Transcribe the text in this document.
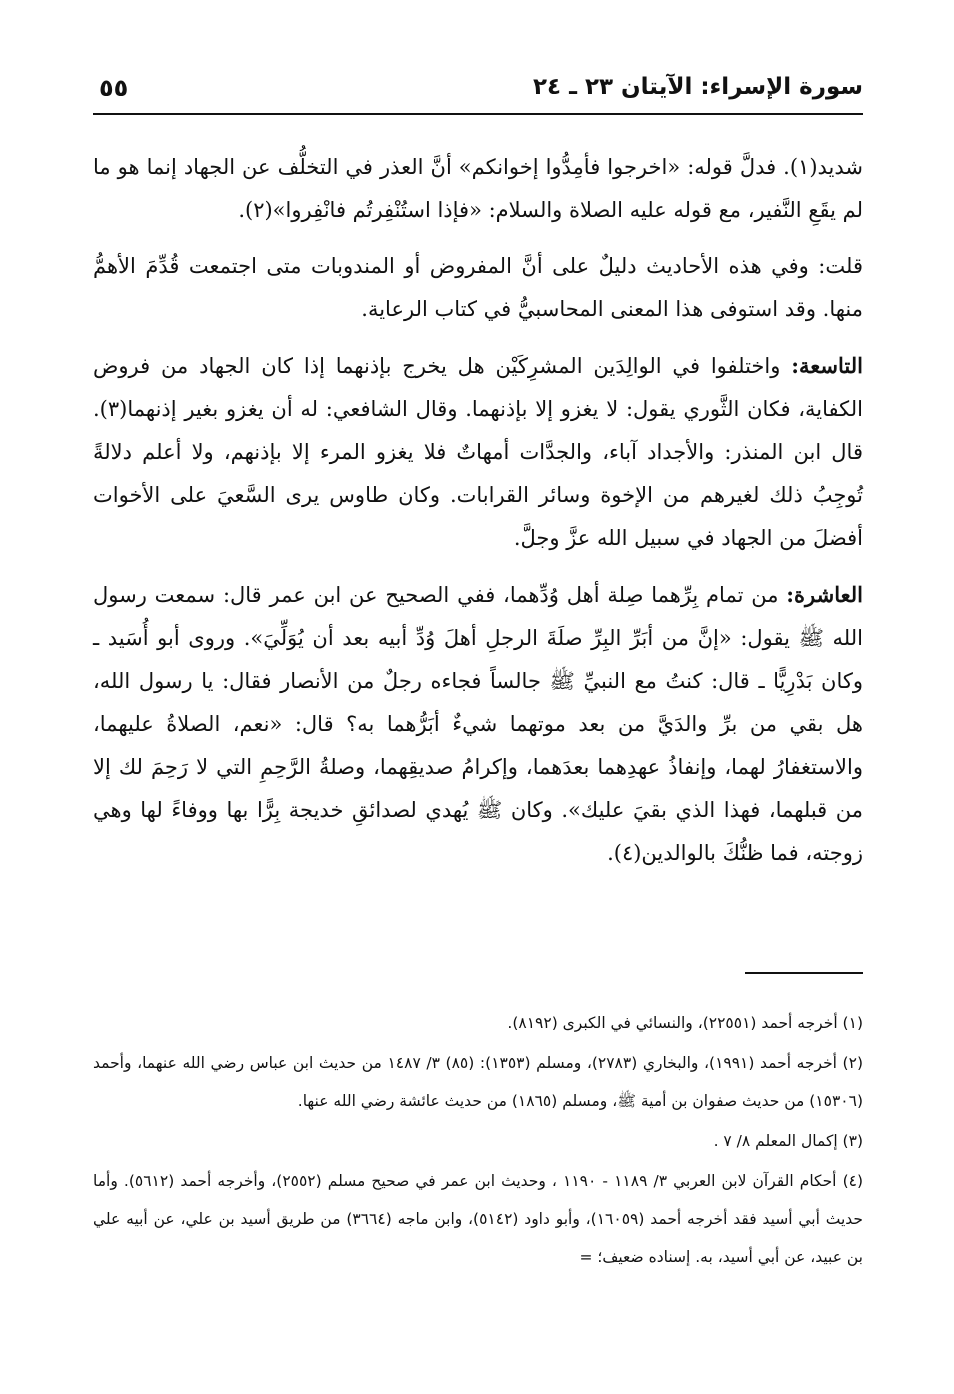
سورة الإسراء: الآيتان ٢٣ ـ ٢٤
٥٥

شديد(١). فدلَّ قوله: «اخرجوا فأمِدُّوا إخوانكم» أنَّ العذر في التخلُّف عن الجهاد إنما هو ما لم يقَعِ النَّفير، مع قوله عليه الصلاة والسلام: «فإذا استُنْفِرتُم فانْفِروا»(٢).

قلت: وفي هذه الأحاديث دليلٌ على أنَّ المفروض أو المندوبات متى اجتمعت قُدِّمَ الأهمُّ منها. وقد استوفى هذا المعنى المحاسبيُّ في كتاب الرعاية.

التاسعة: واختلفوا في الوالِدَين المشرِكَيْن هل يخرج بإذنهما إذا كان الجهاد من فروض الكفاية، فكان الثَّوري يقول: لا يغزو إلا بإذنهما. وقال الشافعي: له أن يغزو بغير إذنهما(٣). قال ابن المنذر: والأجداد آباء، والجدَّات أمهاتٌ فلا يغزو المرء إلا بإذنهم، ولا أعلم دلالةً تُوجِبُ ذلك لغيرهم من الإخوة وسائر القرابات. وكان طاوس يرى السَّعيَ على الأخوات أفضلَ من الجهاد في سبيل الله عزَّ وجلَّ.

العاشرة: من تمام بِرِّهما صِلة أهل وُدِّهما، ففي الصحيح عن ابن عمر قال: سمعت رسول الله ﷺ يقول: «إنَّ من أبَرِّ البِرِّ صلَةَ الرجلِ أهلَ وُدِّ أبيه بعد أن يُوَلِّيَ». وروى أبو أُسَيد ـ وكان بَدْرِيًّا ـ قال: كنتُ مع النبيِّ ﷺ جالساً فجاءه رجلٌ من الأنصار فقال: يا رسول الله، هل بقي من برِّ والدَيَّ من بعد موتهما شيءٌ أبَرُّهما به؟ قال: «نعم، الصلاةُ عليهما، والاستغفارُ لهما، وإنفاذُ عهدِهما بعدَهما، وإكرامُ صديقِهما، وصلةُ الرَّحِمِ التي لا رَحِمَ لك إلا من قبلهما، فهذا الذي بقيَ عليك». وكان ﷺ يُهدي لصدائقِ خديجة بِرًّا بها ووفاءً لها وهي زوجته، فما ظنُّكَ بالوالدين(٤).

(١) أخرجه أحمد (٢٢٥٥١)، والنسائي في الكبرى (٨١٩٢).

(٢) أخرجه أحمد (١٩٩١)، والبخاري (٢٧٨٣)، ومسلم (١٣٥٣): (٨٥) ٣/ ١٤٨٧ من حديث ابن عباس رضي الله عنهما، وأحمد (١٥٣٠٦) من حديث صفوان بن أمية ﷺ، ومسلم (١٨٦٥) من حديث عائشة رضي الله عنها.

(٣) إكمال المعلم ٨/ ٧ .

(٤) أحكام القرآن لابن العربي ٣/ ١١٨٩ - ١١٩٠ ، وحديث ابن عمر في صحيح مسلم (٢٥٥٢)، وأخرجه أحمد (٥٦١٢). وأما حديث أبي أسيد فقد أخرجه أحمد (١٦٠٥٩)، وأبو داود (٥١٤٢)، وابن ماجه (٣٦٦٤) من طريق أسيد بن علي، عن أبيه علي بن عبيد، عن أبي أسيد، به. إسناده ضعيف؛ =
